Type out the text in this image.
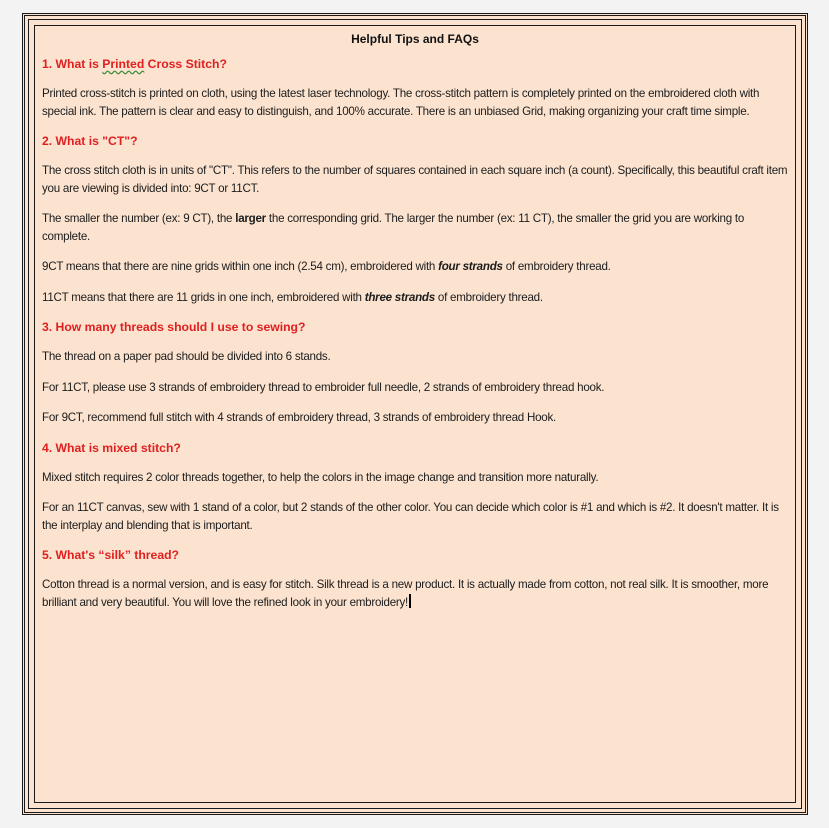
Helpful Tips and FAQs
1. What is Printed Cross Stitch?
Printed cross-stitch is printed on cloth, using the latest laser technology. The cross-stitch pattern is completely printed on the embroidered cloth with special ink. The pattern is clear and easy to distinguish, and 100% accurate. There is an unbiased Grid, making organizing your craft time simple.
2. What is "CT"?
The cross stitch cloth is in units of "CT". This refers to the number of squares contained in each square inch (a count). Specifically, this beautiful craft item you are viewing is divided into: 9CT or 11CT.
The smaller the number (ex: 9 CT), the larger the corresponding grid. The larger the number (ex: 11 CT), the smaller the grid you are working to complete.
9CT means that there are nine grids within one inch (2.54 cm), embroidered with four strands of embroidery thread.
11CT means that there are 11 grids in one inch, embroidered with three strands of embroidery thread.
3. How many threads should I use to sewing?
The thread on a paper pad should be divided into 6 stands.
For 11CT, please use 3 strands of embroidery thread to embroider full needle, 2 strands of embroidery thread hook.
For 9CT, recommend full stitch with 4 strands of embroidery thread, 3 strands of embroidery thread Hook.
4. What is mixed stitch?
Mixed stitch requires 2 color threads together, to help the colors in the image change and transition more naturally.
For an 11CT canvas, sew with 1 stand of a color, but 2 stands of the other color. You can decide which color is #1 and which is #2. It doesn't matter. It is the interplay and blending that is important.
5. What's “silk” thread?
Cotton thread is a normal version, and is easy for stitch. Silk thread is a new product. It is actually made from cotton, not real silk. It is smoother, more brilliant and very beautiful. You will love the refined look in your embroidery!
